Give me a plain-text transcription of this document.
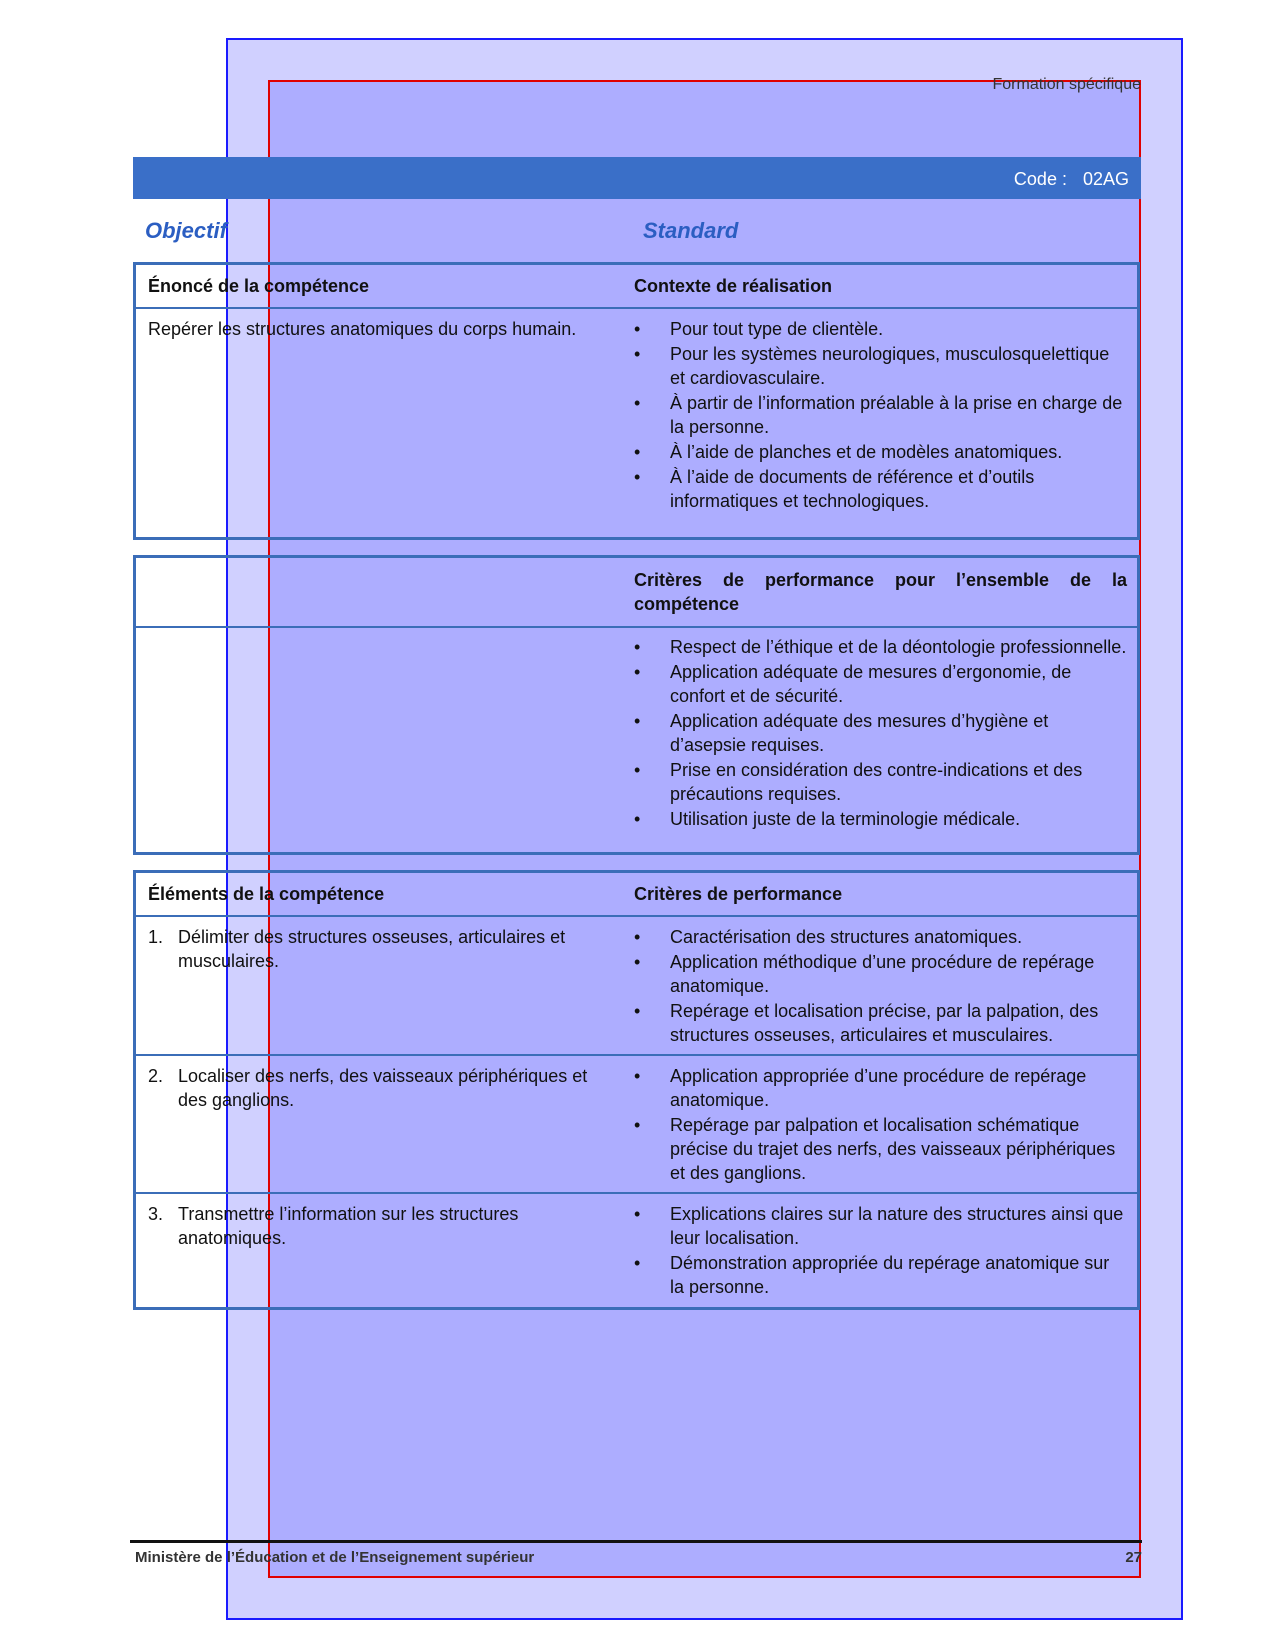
Formation spécifique
Code : 02AG
Objectif	Standard
Énoncé de la compétence	Contexte de réalisation
Repérer les structures anatomiques du corps humain.
•	Pour tout type de clientèle.
• Pour les systèmes neurologiques, musculosquelettique et cardiovasculaire.
• À partir de l’information préalable à la prise en charge de la personne.
• À l’aide de planches et de modèles anatomiques.
• À l’aide de documents de référence et d’outils informatiques et technologiques.
Critères de performance pour l’ensemble de la compétence
• Respect de l’éthique et de la déontologie professionnelle.
• Application adéquate de mesures d’ergonomie, de confort et de sécurité.
• Application adéquate des mesures d’hygiène et d’asepsie requises.
• Prise en considération des contre-indications et des précautions requises.
• Utilisation juste de la terminologie médicale.
Éléments de la compétence	Critères de performance
1. Délimiter des structures osseuses, articulaires et musculaires.
• Caractérisation des structures anatomiques.
• Application méthodique d’une procédure de repérage anatomique.
• Repérage et localisation précise, par la palpation, des structures osseuses, articulaires et musculaires.
2. Localiser des nerfs, des vaisseaux périphériques et des ganglions.
• Application appropriée d’une procédure de repérage anatomique.
• Repérage par palpation et localisation schématique précise du trajet des nerfs, des vaisseaux périphériques et des ganglions.
3. Transmettre l’information sur les structures anatomiques.
• Explications claires sur la nature des structures ainsi que leur localisation.
• Démonstration appropriée du repérage anatomique sur la personne.
Ministère de l’Éducation et de l’Enseignement supérieur	27
